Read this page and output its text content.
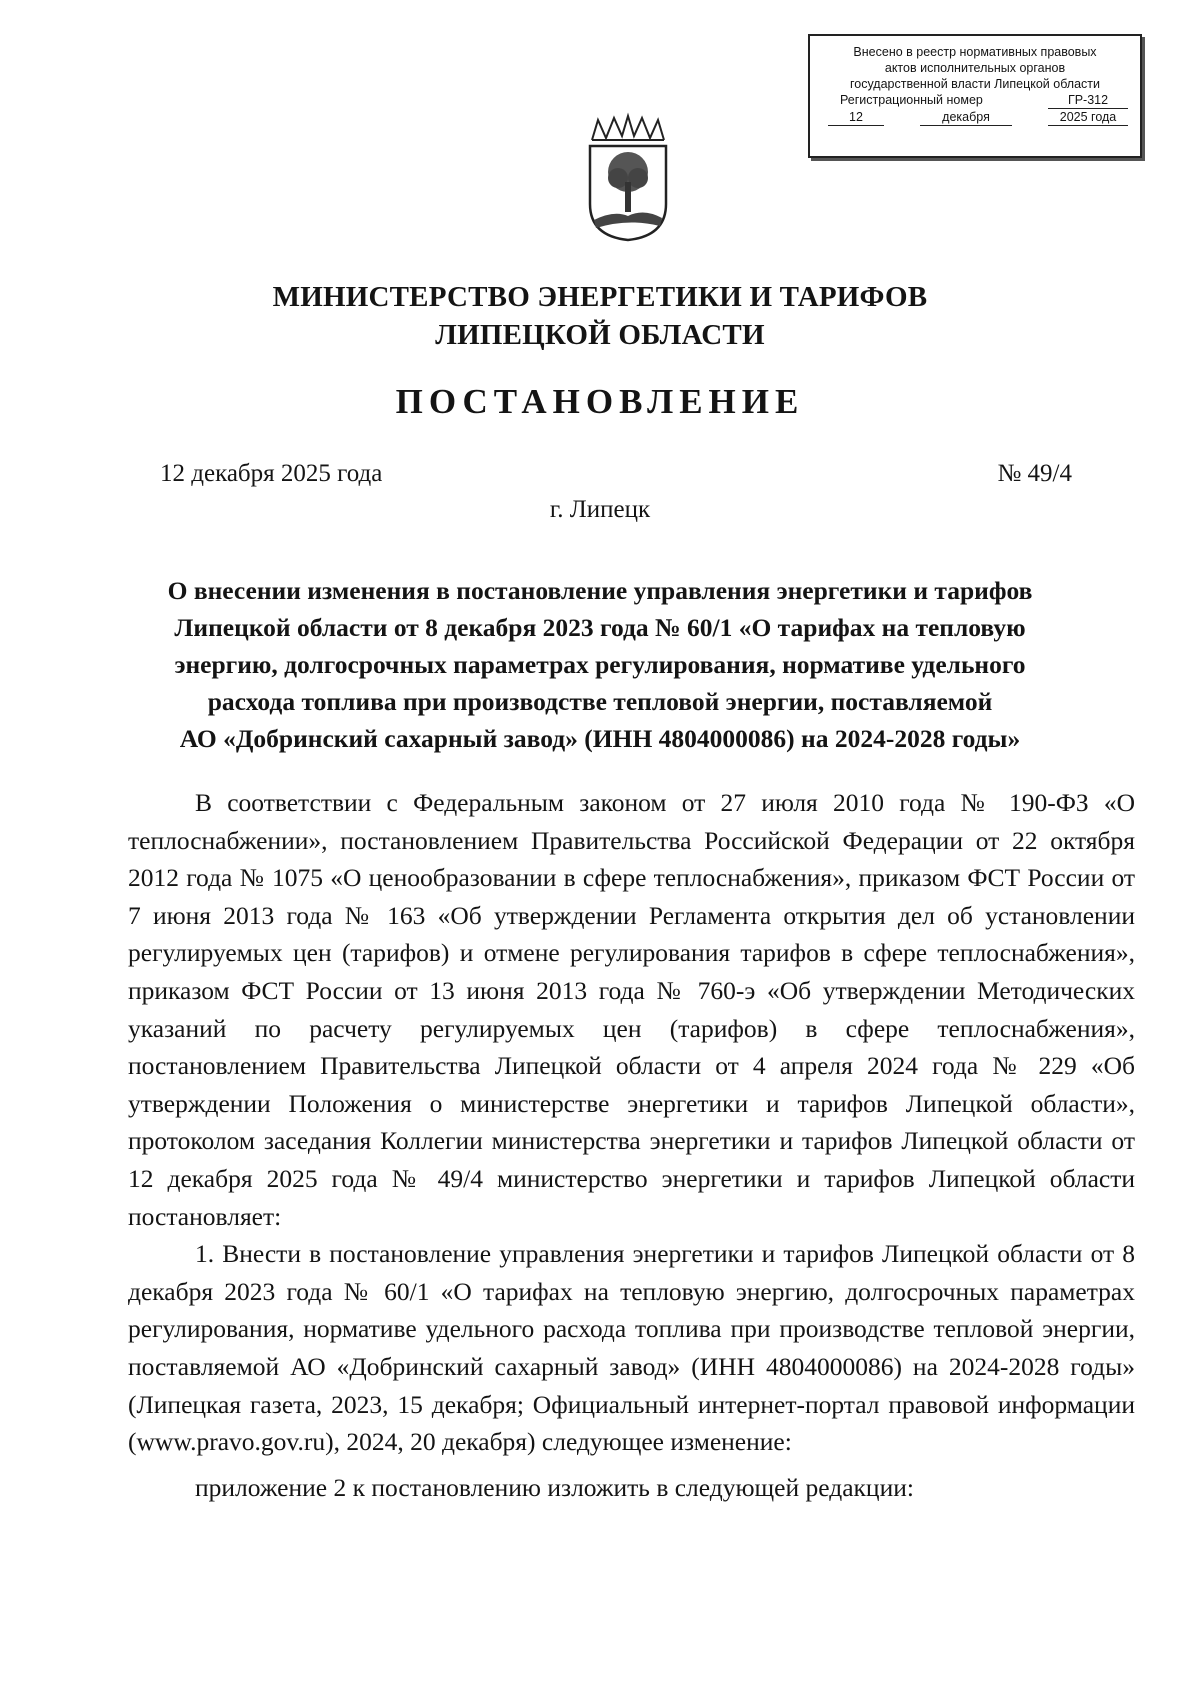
Внесено в реестр нормативных правовых
актов исполнительных органов
государственной власти Липецкой области
Регистрационный номер	ГР-312
12	декабря	2025 года
МИНИСТЕРСТВО ЭНЕРГЕТИКИ И ТАРИФОВ
ЛИПЕЦКОЙ ОБЛАСТИ
ПОСТАНОВЛЕНИЕ
12 декабря 2025 года	№ 49/4
г. Липецк
О внесении изменения в постановление управления энергетики и тарифов
Липецкой области от 8 декабря 2023 года № 60/1 «О тарифах на тепловую
энергию, долгосрочных параметрах регулирования, нормативе удельного
расхода топлива при производстве тепловой энергии, поставляемой
АО «Добринский сахарный завод» (ИНН 4804000086) на 2024-2028 годы»

В соответствии с Федеральным законом от 27 июля 2010 года № 190-ФЗ «О теплоснабжении», постановлением Правительства Российской Федерации от 22 октября 2012 года № 1075 «О ценообразовании в сфере теплоснабжения», приказом ФСТ России от 7 июня 2013 года № 163 «Об утверждении Регламента открытия дел об установлении регулируемых цен (тарифов) и отмене регулирования тарифов в сфере теплоснабжения», приказом ФСТ России от 13 июня 2013 года № 760-э «Об утверждении Методических указаний по расчету регулируемых цен (тарифов) в сфере теплоснабжения», постановлением Правительства Липецкой области от 4 апреля 2024 года № 229 «Об утверждении Положения о министерстве энергетики и тарифов Липецкой области», протоколом заседания Коллегии министерства энергетики и тарифов Липецкой области от 12 декабря 2025 года № 49/4 министерство энергетики и тарифов Липецкой области постановляет:

1. Внести в постановление управления энергетики и тарифов Липецкой области от 8 декабря 2023 года № 60/1 «О тарифах на тепловую энергию, долгосрочных параметрах регулирования, нормативе удельного расхода топлива при производстве тепловой энергии, поставляемой АО «Добринский сахарный завод» (ИНН 4804000086) на 2024-2028 годы» (Липецкая газета, 2023, 15 декабря; Официальный интернет-портал правовой информации (www.pravo.gov.ru), 2024, 20 декабря) следующее изменение:

приложение 2 к постановлению изложить в следующей редакции:
